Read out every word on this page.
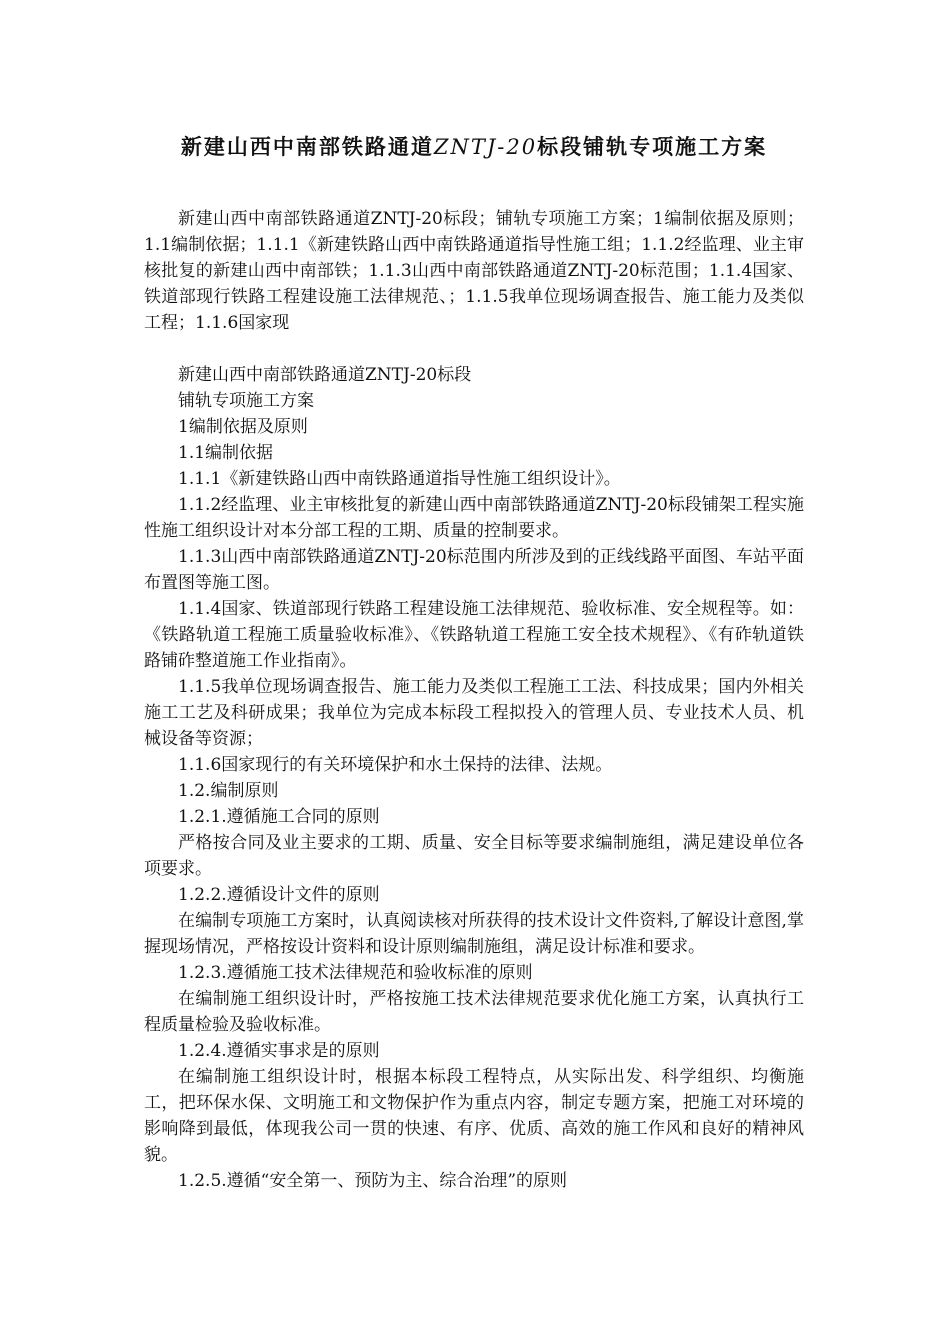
新建山西中南部铁路通道ZNTJ-20标段铺轨专项施工方案

新建山西中南部铁路通道ZNTJ-20标段；铺轨专项施工方案；1编制依据及原则；1.1编制依据；1.1.1《新建铁路山西中南铁路通道指导性施工组；1.1.2经监理、业主审核批复的新建山西中南部铁；1.1.3山西中南部铁路通道ZNTJ-20标范围；1.1.4国家、铁道部现行铁路工程建设施工法律规范、；1.1.5我单位现场调查报告、施工能力及类似工程；1.1.6国家现

新建山西中南部铁路通道ZNTJ-20标段

铺轨专项施工方案

1编制依据及原则

1.1编制依据

1.1.1《新建铁路山西中南铁路通道指导性施工组织设计》。

1.1.2经监理、业主审核批复的新建山西中南部铁路通道ZNTJ-20标段铺架工程实施性施工组织设计对本分部工程的工期、质量的控制要求。

1.1.3山西中南部铁路通道ZNTJ-20标范围内所涉及到的正线线路平面图、车站平面布置图等施工图。

1.1.4国家、铁道部现行铁路工程建设施工法律规范、验收标准、安全规程等。如：《铁路轨道工程施工质量验收标准》、《铁路轨道工程施工安全技术规程》、《有砟轨道铁路铺砟整道施工作业指南》。

1.1.5我单位现场调查报告、施工能力及类似工程施工工法、科技成果；国内外相关施工工艺及科研成果；我单位为完成本标段工程拟投入的管理人员、专业技术人员、机械设备等资源；

1.1.6国家现行的有关环境保护和水土保持的法律、法规。

1.2.编制原则

1.2.1.遵循施工合同的原则

严格按合同及业主要求的工期、质量、安全目标等要求编制施组，满足建设单位各项要求。

1.2.2.遵循设计文件的原则

在编制专项施工方案时，认真阅读核对所获得的技术设计文件资料,了解设计意图,掌握现场情况，严格按设计资料和设计原则编制施组，满足设计标准和要求。

1.2.3.遵循施工技术法律规范和验收标准的原则

在编制施工组织设计时，严格按施工技术法律规范要求优化施工方案，认真执行工程质量检验及验收标准。

1.2.4.遵循实事求是的原则

在编制施工组织设计时，根据本标段工程特点，从实际出发、科学组织、均衡施工，把环保水保、文明施工和文物保护作为重点内容，制定专题方案，把施工对环境的影响降到最低，体现我公司一贯的快速、有序、优质、高效的施工作风和良好的精神风貌。

1.2.5.遵循“安全第一、预防为主、综合治理”的原则
